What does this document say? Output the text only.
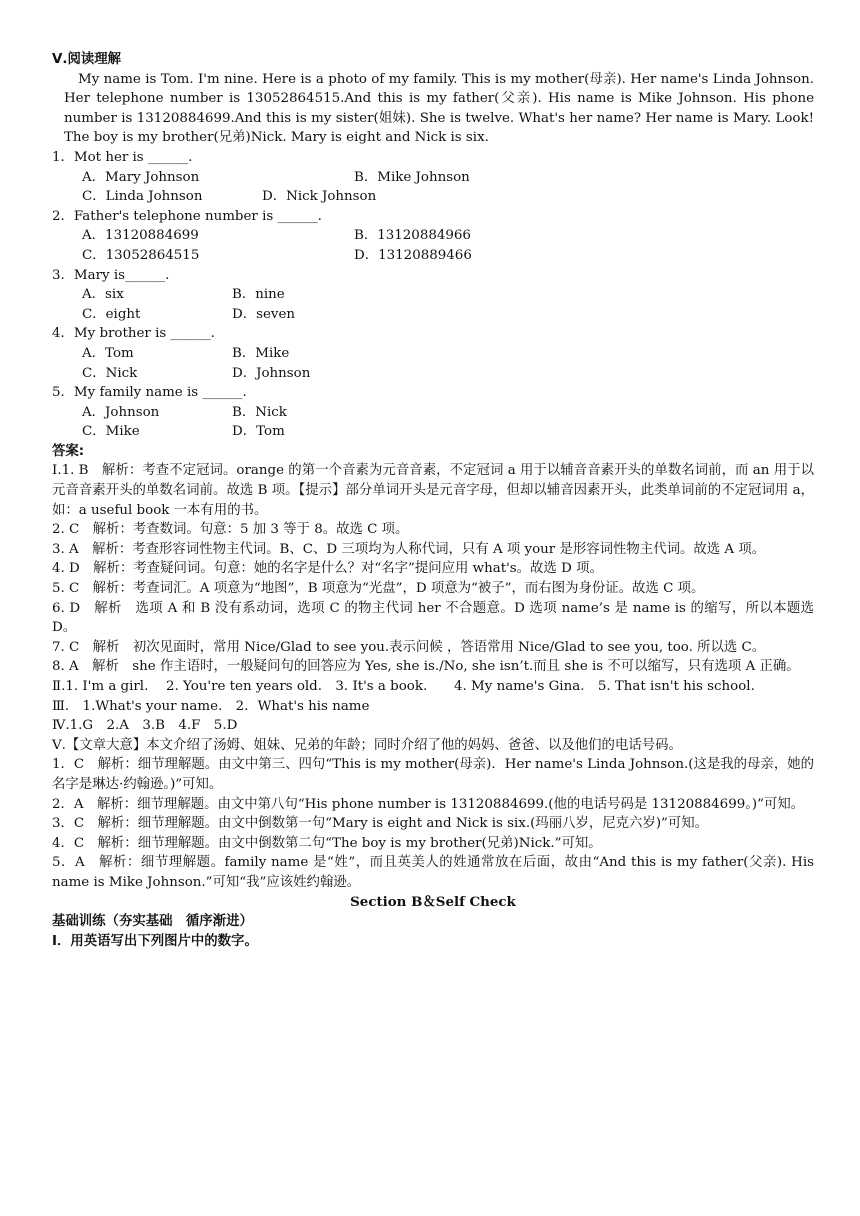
Ⅴ.阅读理解
My name is Tom. I'm nine. Here is a photo of my family. This is my mother(母亲). Her name's Linda Johnson. Her telephone number is 13052864515.And this is my father(父亲). His name is Mike Johnson. His phone number is 13120884699.And this is my sister(姐妹). She is twelve. What's her name? Her name is Mary. Look! The boy is my brother(兄弟)Nick. Mary is eight and Nick is six.
1．Mot her is ______.
A．Mary Johnson	B．Mike Johnson
C．Linda Johnson	D．Nick Johnson
2．Father's telephone number is ______.
A．13120884699	B．13120884966
C．13052864515	D．13120889466
3．Mary is______.
A．six	B．nine
C．eight	D．seven
4．My brother is ______.
A．Tom	B．Mike
C．Nick	D．Johnson
5．My family name is ______.
A．Johnson	B．Nick
C．Mike	D．Tom
答案:
Ⅰ.1. B　解析：考查不定冠词。orange 的第一个音素为元音音素，不定冠词 a 用于以辅音音素开头的单数名词前，而 an 用于以元音音素开头的单数名词前。故选 B 项。【提示】部分单词开头是元音字母，但却以辅音因素开头，此类单词前的不定冠词用 a，如：a useful book 一本有用的书。
2. C　解析：考查数词。句意：5 加 3 等于 8。故选 C 项。
3. A　解析：考查形容词性物主代词。B、C、D 三项均为人称代词，只有 A 项 your 是形容词性物主代词。故选 A 项。
4. D　解析：考查疑问词。句意：她的名字是什么？对“名字”提问应用 what's。故选 D 项。
5. C　解析：考查词汇。A 项意为“地图”，B 项意为“光盘”，D 项意为“被子”，而右图为身份证。故选 C 项。
6. D　解析　选项 A 和 B 没有系动词，选项 C 的物主代词 her 不合题意。D 选项 name’s 是 name is 的缩写，所以本题选 D。
7. C　解析　初次见面时，常用 Nice/Glad to see you.表示问候 ，答语常用 Nice/Glad to see you, too. 所以选 C。
8. A　解析　she 作主语时，一般疑问句的回答应为 Yes, she is./No, she isn’t.而且 she is 不可以缩写，只有选项 A 正确。
Ⅱ.1. I'm a girl.　 2. You're ten years old.　3. It's a book.　　4. My name's Gina.　5. That isn't his school.
Ⅲ.　1.What's your name.　2．What's his name
Ⅳ.1.G　2.A　3.B　4.F　5.D
Ⅴ.【文章大意】本文介绍了汤姆、姐妹、兄弟的年龄；同时介绍了他的妈妈、爸爸、以及他们的电话号码。
1．C　解析：细节理解题。由文中第三、四句“This is my mother(母亲)．Her name's Linda Johnson.(这是我的母亲，她的名字是琳达·约翰逊。)”可知。
2．A　解析：细节理解题。由文中第八句“His phone number is 13120884699.(他的电话号码是 13120884699。)”可知。
3．C　解析：细节理解题。由文中倒数第一句“Mary is eight and Nick is six.(玛丽八岁，尼克六岁)”可知。
4．C　解析：细节理解题。由文中倒数第二句“The boy is my brother(兄弟)Nick.”可知。
5．A　解析：细节理解题。family name 是“姓”，而且英美人的姓通常放在后面，故由“And this is my father(父亲). His name is Mike Johnson.”可知“我”应该姓约翰逊。
Section B＆Self Check
基础训练（夯实基础　循序渐进）
Ⅰ．用英语写出下列图片中的数字。
